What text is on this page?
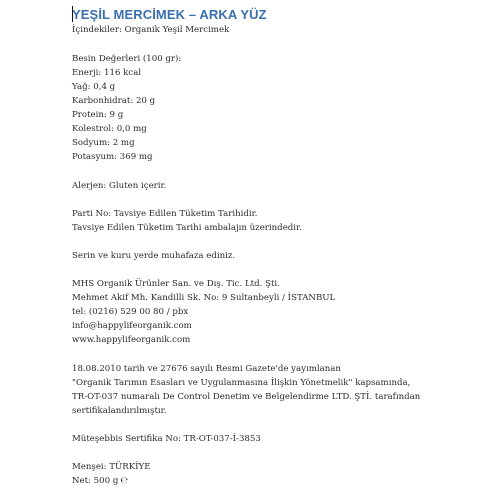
YEŞİL MERCİMEK – ARKA YÜZ
İçindekiler: Organik Yeşil Mercimek
Besin Değerleri (100 gr):
Enerji: 116 kcal
Yağ: 0,4 g
Karbonhidrat: 20 g
Protein: 9 g
Kolestrol: 0,0 mg
Sodyum: 2 mg
Potasyum: 369 mg
Alerjen: Gluten içerir.
Parti No: Tavsiye Edilen Tüketim Tarihidir.
Tavsiye Edilen Tüketim Tarihi ambalajın üzerindedir.
Serin ve kuru yerde muhafaza ediniz.
MHS Organik Ürünler San. ve Dış. Tic. Ltd. Şti.
Mehmet Akif Mh. Kandilli Sk. No: 9 Sultanbeyli / İSTANBUL
tel: (0216) 529 00 80 / pbx
info@happylifeorganik.com
www.happylifeorganik.com
18.08.2010 tarih ve 27676 sayılı Resmi Gazete'de yayımlanan
"Organik Tarımın Esasları ve Uygulanmasına İlişkin Yönetmelik" kapsamında,
TR-OT-037 numaralı De Control Denetim ve Belgelendirme LTD. ŞTİ. tarafından
sertifikalandırılmıştır.
Müteşebbis Sertifika No: TR-OT-037-İ-3853
Menşei: TÜRKİYE
Net: 500 g ℮
